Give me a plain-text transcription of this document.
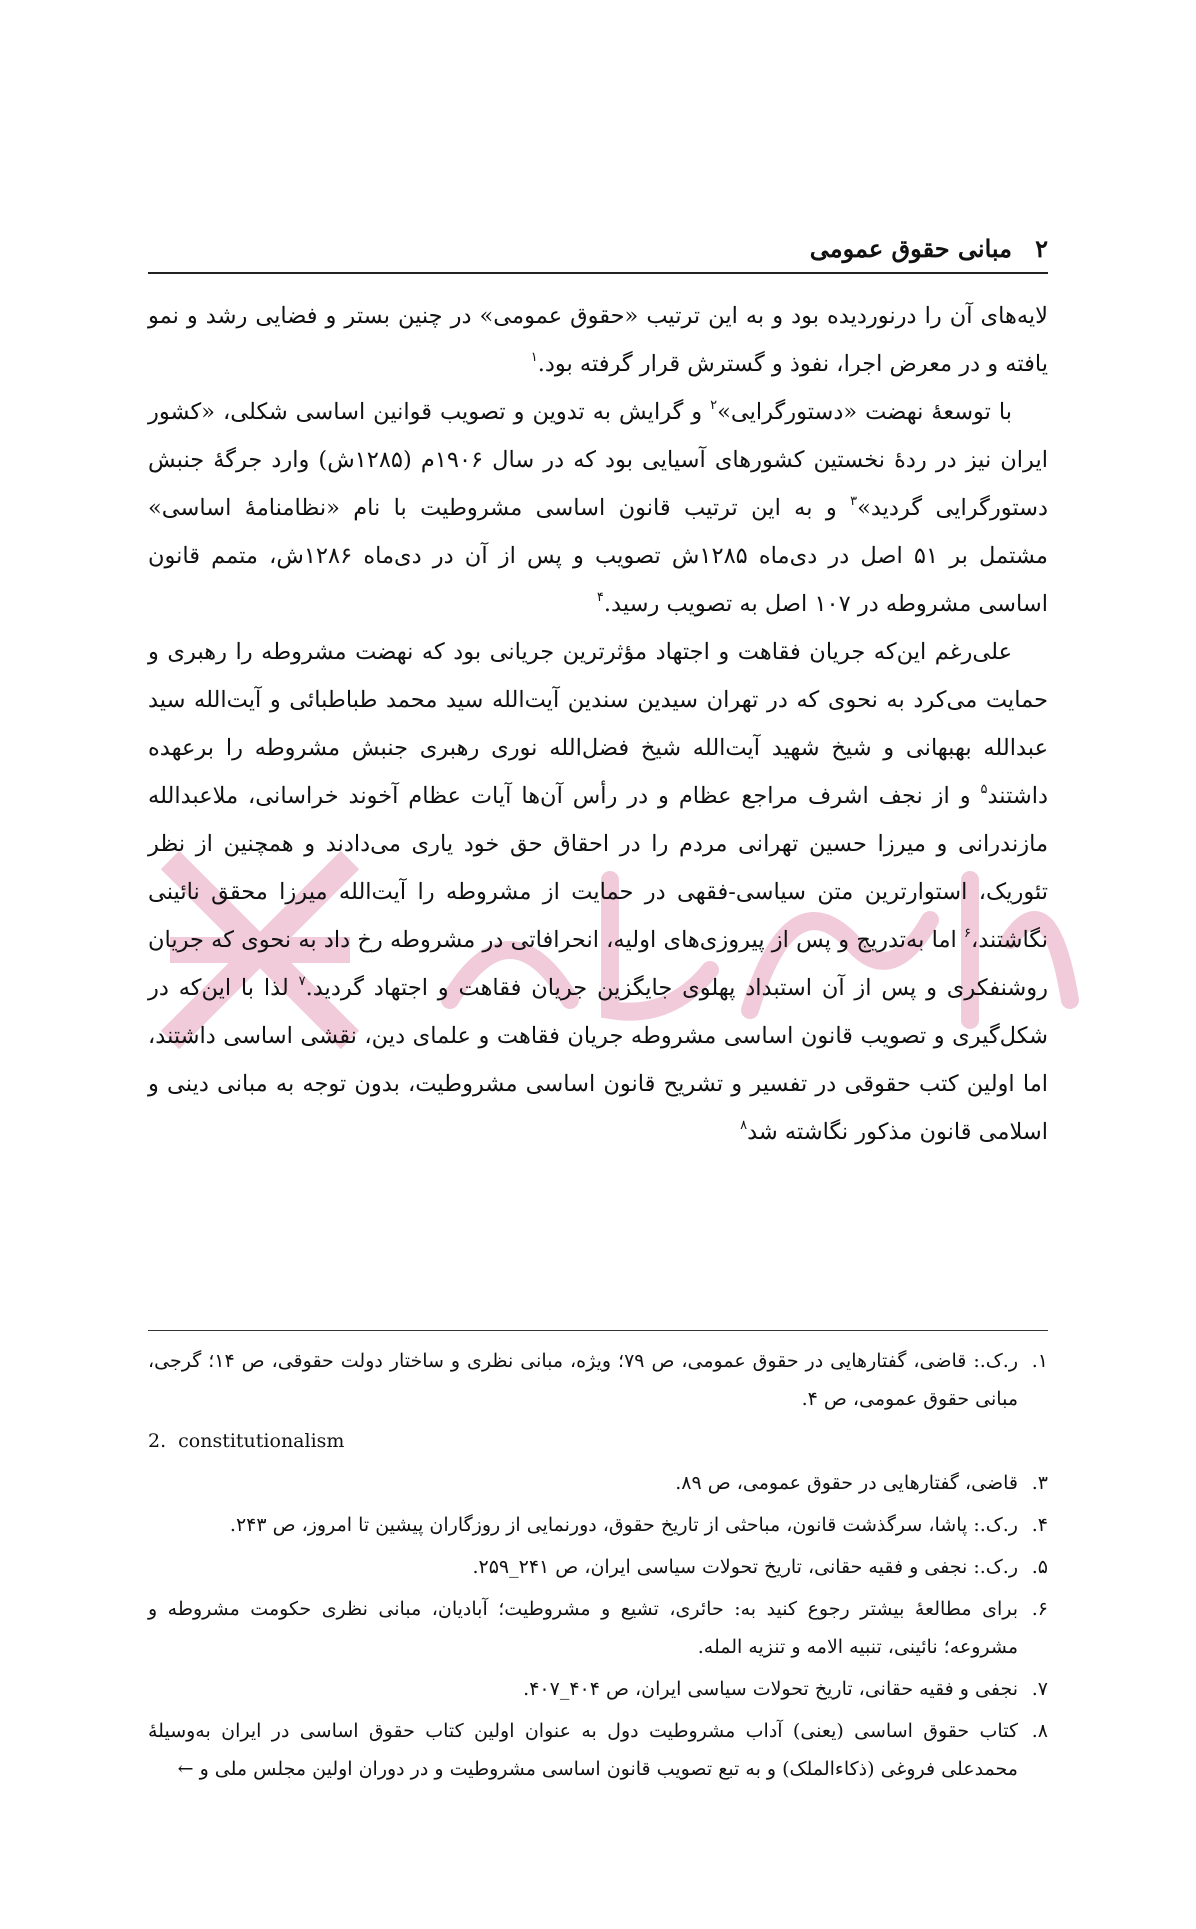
۲
مبانی حقوق عمومی

لایه‌های آن را درنوردیده بود و به این ترتیب «حقوق عمومی» در چنین بستر و فضایی رشد و نمو یافته و در معرض اجرا، نفوذ و گسترش قرار گرفته بود.$^۱$

با توسعهٔ نهضت «دستورگرایی»$^۲$ و گرایش به تدوین و تصویب قوانین اساسی شکلی، «کشور ایران نیز در ردهٔ نخستین کشورهای آسیایی بود که در سال ۱۹۰۶م (۱۲۸۵ش) وارد جرگهٔ جنبش دستورگرایی گردید»$^۳$ و به این ترتیب قانون اساسی مشروطیت با نام «نظامنامهٔ اساسی» مشتمل بر ۵۱ اصل در دی‌ماه ۱۲۸۵ش تصویب و پس از آن در دی‌ماه ۱۲۸۶ش، متمم قانون اساسی مشروطه در ۱۰۷ اصل به تصویب رسید.$^۴$

علی‌رغم این‌که جریان فقاهت و اجتهاد مؤثرترین جریانی بود که نهضت مشروطه را رهبری و حمایت می‌کرد به نحوی که در تهران سیدین سندین آیت‌الله سید محمد طباطبائی و آیت‌الله سید عبدالله بهبهانی و شیخ شهید آیت‌الله شیخ فضل‌الله نوری رهبری جنبش مشروطه را برعهده داشتند$^۵$ و از نجف اشرف مراجع عظام و در رأس آن‌ها آیات عظام آخوند خراسانی، ملاعبدالله مازندرانی و میرزا حسین تهرانی مردم را در احقاق حق خود یاری می‌دادند و همچنین از نظر تئوریک، استوارترین متن سیاسی-فقهی در حمایت از مشروطه را آیت‌الله میرزا محقق نائینی نگاشتند،$^۶$ اما به‌تدریج و پس از پیروزی‌های اولیه، انحرافاتی در مشروطه رخ داد به نحوی که جریان روشنفکری و پس از آن استبداد پهلوی جایگزین جریان فقاهت و اجتهاد گردید.$^۷$ لذا با این‌که در شکل‌گیری و تصویب قانون اساسی مشروطه جریان فقاهت و علمای دین، نقشی اساسی داشتند، اما اولین کتب حقوقی در تفسیر و تشریح قانون اساسی مشروطیت، بدون توجه به مبانی دینی و اسلامی قانون مذکور نگاشته شد$^۸$

۱.
ر.ک.: قاضی، گفتارهایی در حقوق عمومی، ص ۷۹؛ ویژه، مبانی نظری و ساختار دولت حقوقی، ص ۱۴؛ گرجی، مبانی حقوق عمومی، ص ۴.
2. constitutionalism
۳.
قاضی، گفتارهایی در حقوق عمومی، ص ۸۹.
۴.
ر.ک.: پاشا، سرگذشت قانون، مباحثی از تاریخ حقوق، دورنمایی از روزگاران پیشین تا امروز، ص ۲۴۳.
۵.
ر.ک.: نجفی و فقیه حقانی، تاریخ تحولات سیاسی ایران، ص ۲۴۱_۲۵۹.
۶.
برای مطالعهٔ بیشتر رجوع کنید به: حائری، تشیع و مشروطیت؛ آبادیان، مبانی نظری حکومت مشروطه و مشروعه؛ نائینی، تنبیه الامه و تنزیه المله.
۷.
نجفی و فقیه حقانی، تاریخ تحولات سیاسی ایران، ص ۴۰۴_۴۰۷.
۸.
کتاب حقوق اساسی (یعنی) آداب مشروطیت دول به عنوان اولین کتاب حقوق اساسی در ایران به‌وسیلهٔ محمدعلی فروغی (ذکاءالملک) و به تبع تصویب قانون اساسی مشروطیت و در دوران اولین مجلس ملی و ←
